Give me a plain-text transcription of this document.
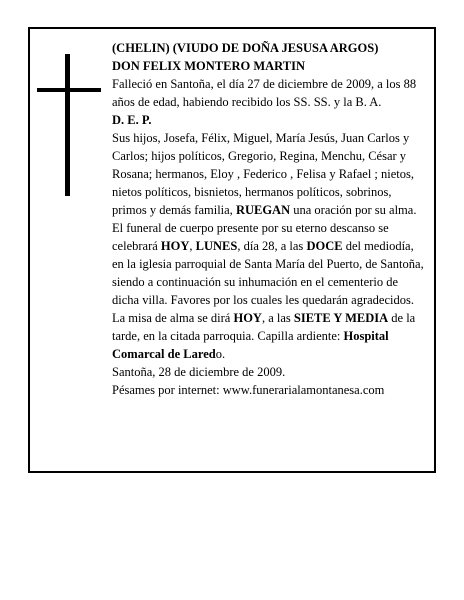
(CHELIN) (VIUDO DE DOÑA JESUSA ARGOS)

DON FELIX MONTERO MARTIN

Falleció en Santoña, el día 27 de diciembre de 2009, a los 88 años de edad, habiendo recibido los SS. SS. y la B. A.

D. E. P.

Sus hijos, Josefa, Félix, Miguel, María Jesús, Juan Carlos y Carlos; hijos políticos, Gregorio, Regina, Menchu, César y Rosana; hermanos, Eloy , Federico , Felisa y Rafael ; nietos, nietos políticos, bisnietos, hermanos políticos, sobrinos, primos y demás familia, RUEGAN una oración por su alma. El funeral de cuerpo presente por su eterno descanso se celebrará HOY, LUNES, día 28, a las DOCE del mediodía, en la iglesia parroquial de Santa María del Puerto, de Santoña, siendo a continuación su inhumación en el cementerio de dicha villa. Favores por los cuales les quedarán agradecidos. La misa de alma se dirá HOY, a las SIETE Y MEDIA de la tarde, en la citada parroquia. Capilla ardiente: Hospital Comarcal de Laredo.

Santoña, 28 de diciembre de 2009.

Pésames por internet: www.funerarialamontanesa.com
